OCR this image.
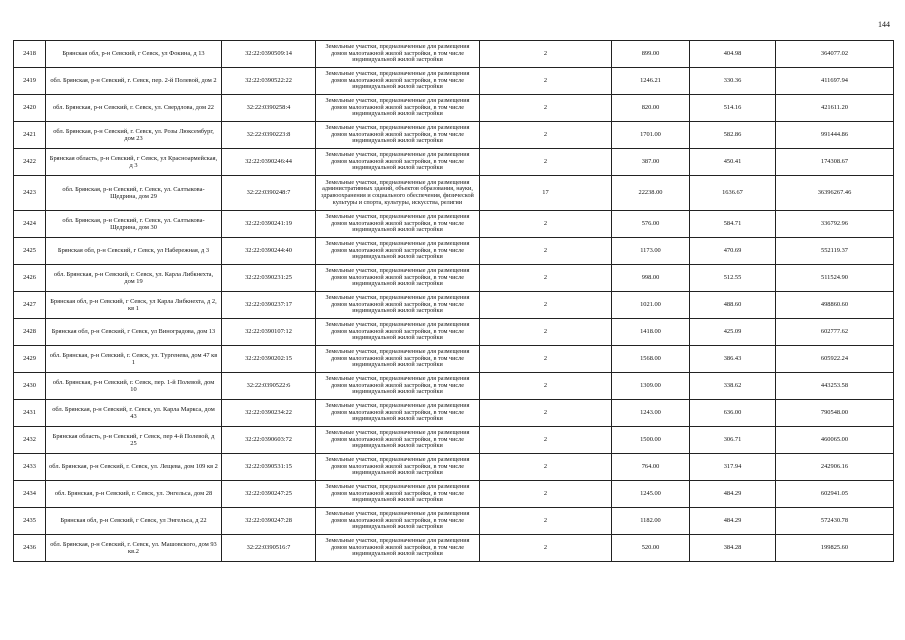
144
2418	Брянская обл, р-н Севский, г Севск, ул Фокина, д 13	32:22:0390509:14	Земельные участки, предназначенные для размещения домов малоэтажной жилой застройки, в том числе индивидуальной жилой застройки	2	899.00	404.98	364077.02
2419	обл. Брянская, р-н Севский, г. Севск, пер. 2-й Полевой, дом 2	32:22:0390522:22	Земельные участки, предназначенные для размещения домов малоэтажной жилой застройки, в том числе индивидуальной жилой застройки	2	1246.21	330.36	411697.94
2420	обл. Брянская, р-н Севский, г. Севск, ул. Свердлова, дом 22	32:22:0390258:4	Земельные участки, предназначенные для размещения домов малоэтажной жилой застройки, в том числе индивидуальной жилой застройки	2	820.00	514.16	421611.20
2421	обл. Брянская, р-н Севский, г. Севск, ул. Розы Люксембург, дом 23	32:22:0390223:8	Земельные участки, предназначенные для размещения домов малоэтажной жилой застройки, в том числе индивидуальной жилой застройки	2	1701.00	582.86	991444.86
2422	Брянская область, р-н Севский, г Севск, ул Красноармейская, д 3	32:22:0390246:44	Земельные участки, предназначенные для размещения домов малоэтажной жилой застройки, в том числе индивидуальной жилой застройки	2	387.00	450.41	174308.67
2423	обл. Брянская, р-н Севский, г. Севск, ул. Салтыкова-Щедрина, дом 29	32:22:0390248:7	Земельные участки, предназначенные для размещения административных зданий, объектов образования, науки, здравоохранения и социального обеспечения, физической культуры и спорта, культуры, искусства, религии	17	22238.00	1636.67	36396267.46
2424	обл. Брянская, р-н Севский, г. Севск, ул. Салтыкова-Щедрина, дом 30	32:22:0390241:19	Земельные участки, предназначенные для размещения домов малоэтажной жилой застройки, в том числе индивидуальной жилой застройки	2	576.00	584.71	336792.96
2425	Брянская обл, р-н Севский, г Севск, ул Набережная, д 3	32:22:0390244:40	Земельные участки, предназначенные для размещения домов малоэтажной жилой застройки, в том числе индивидуальной жилой застройки	2	1173.00	470.69	552119.37
2426	обл. Брянская, р-н Севский, г. Севск, ул. Карла Либкнехта, дом 19	32:22:0390231:25	Земельные участки, предназначенные для размещения домов малоэтажной жилой застройки, в том числе индивидуальной жилой застройки	2	998.00	512.55	511524.90
2427	Брянская обл, р-н Севский, г Севск, ул Карла Либкнехта, д 2, кв 1	32:22:0390237:17	Земельные участки, предназначенные для размещения домов малоэтажной жилой застройки, в том числе индивидуальной жилой застройки	2	1021.00	488.60	498860.60
2428	Брянская обл, р-н Севский, г Севск, ул Виноградова, дом 13	32:22:0390107:12	Земельные участки, предназначенные для размещения домов малоэтажной жилой застройки, в том числе индивидуальной жилой застройки	2	1418.00	425.09	602777.62
2429	обл. Брянская, р-н Севский, г. Севск, ул. Тургенева, дом 47 кв 1	32:22:0390202:15	Земельные участки, предназначенные для размещения домов малоэтажной жилой застройки, в том числе индивидуальной жилой застройки	2	1568.00	386.43	605922.24
2430	обл. Брянская, р-н Севский, г. Севск, пер. 1-й Полевой, дом 10	32:22:0390522:6	Земельные участки, предназначенные для размещения домов малоэтажной жилой застройки, в том числе индивидуальной жилой застройки	2	1309.00	338.62	443253.58
2431	обл. Брянская, р-н Севский, г. Севск, ул. Карла Маркса, дом 43	32:22:0390234:22	Земельные участки, предназначенные для размещения домов малоэтажной жилой застройки, в том числе индивидуальной жилой застройки	2	1243.00	636.00	790548.00
2432	Брянская область, р-н Севский, г Севск, пер 4-й Полевой, д 25	32:22:0390603:72	Земельные участки, предназначенные для размещения домов малоэтажной жилой застройки, в том числе индивидуальной жилой застройки	2	1500.00	306.71	460065.00
2433	обл. Брянская, р-н Севский, г. Севск, ул. Лещева, дом 109 кв 2	32:22:0390531:15	Земельные участки, предназначенные для размещения домов малоэтажной жилой застройки, в том числе индивидуальной жилой застройки	2	764.00	317.94	242906.16
2434	обл. Брянская, р-н Севский, г. Севск, ул. Энгельса, дом 28	32:22:0390247:25	Земельные участки, предназначенные для размещения домов малоэтажной жилой застройки, в том числе индивидуальной жилой застройки	2	1245.00	484.29	602941.05
2435	Брянская обл, р-н Севский, г Севск, ул Энгельса, д 22	32:22:0390247:28	Земельные участки, предназначенные для размещения домов малоэтажной жилой застройки, в том числе индивидуальной жилой застройки	2	1182.00	484.29	572430.78
2436	обл. Брянская, р-н Севский, г. Севск, ул. Машовского, дом 93 кв.2	32:22:0390516:7	Земельные участки, предназначенные для размещения домов малоэтажной жилой застройки, в том числе индивидуальной жилой застройки	2	520.00	384.28	199825.60
